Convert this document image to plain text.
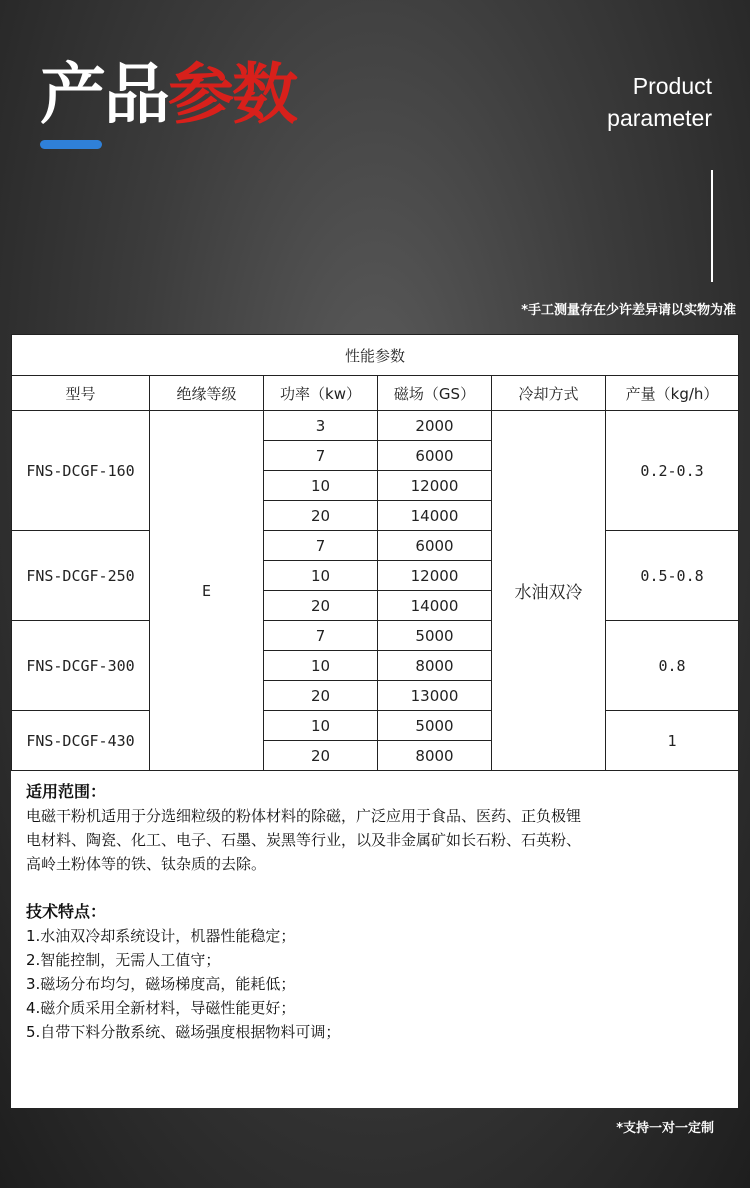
产品参数	Product
parameter
*手工测量存在少许差异请以实物为准
性能参数					
型号	绝缘等级	功率（kw）	磁场（GS）	冷却方式	产量（kg/h）
FNS-DCGF-160	E	3	2000	水油双冷	0.2-0.3
		7	6000		
		10	12000		
		20	14000		
FNS-DCGF-250		7	6000		0.5-0.8
		10	12000		
		20	14000		
FNS-DCGF-300		7	5000		0.8
		10	8000		
		20	13000		
FNS-DCGF-430		10	5000		1
		20	8000		

适用范围：

电磁干粉机适用于分选细粒级的粉体材料的除磁，广泛应用于食品、医药、正负极锂

电材料、陶瓷、化工、电子、石墨、炭黑等行业，以及非金属矿如长石粉、石英粉、

高岭土粉体等的铁、钛杂质的去除。

技术特点：

1.水油双冷却系统设计，机器性能稳定；

2.智能控制，无需人工值守；

3.磁场分布均匀，磁场梯度高，能耗低；

4.磁介质采用全新材料，导磁性能更好；

5.自带下料分散系统、磁场强度根据物料可调；

*支持一对一定制
